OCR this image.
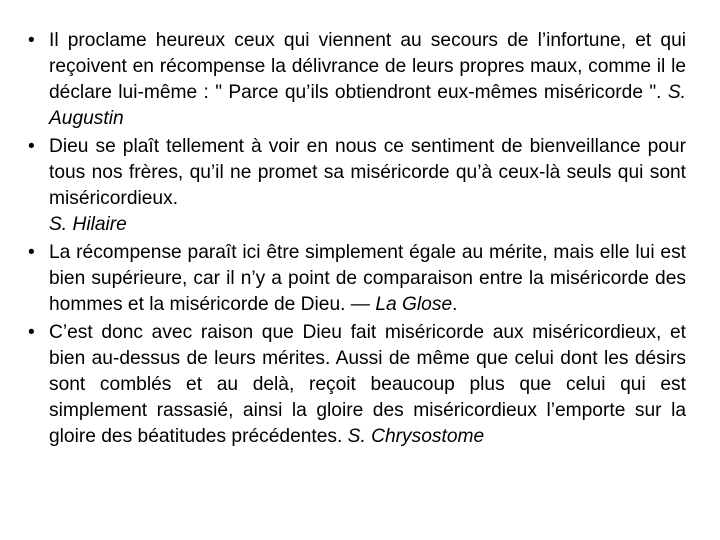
• Il proclame heureux ceux qui viennent au secours de l’infortune, et qui reçoivent en récompense la délivrance de leurs propres maux, comme il le déclare lui-même : " Parce qu’ils obtiendront eux-mêmes miséricorde ". S. Augustin
• Dieu se plaît tellement à voir en nous ce sentiment de bienveillance pour tous nos frères, qu’il ne promet sa miséricorde qu’à ceux-là seuls qui sont miséricordieux.
S. Hilaire
• La récompense paraît ici être simplement égale au mérite, mais elle lui est bien supérieure, car il n’y a point de comparaison entre la miséricorde des hommes et la miséricorde de Dieu. — La Glose.
• C’est donc avec raison que Dieu fait miséricorde aux miséricordieux, et bien au-dessus de leurs mérites. Aussi de même que celui dont les désirs sont comblés et au delà, reçoit beaucoup plus que celui qui est simplement rassasié, ainsi la gloire des miséricordieux l’emporte sur la gloire des béatitudes précédentes. S. Chrysostome
